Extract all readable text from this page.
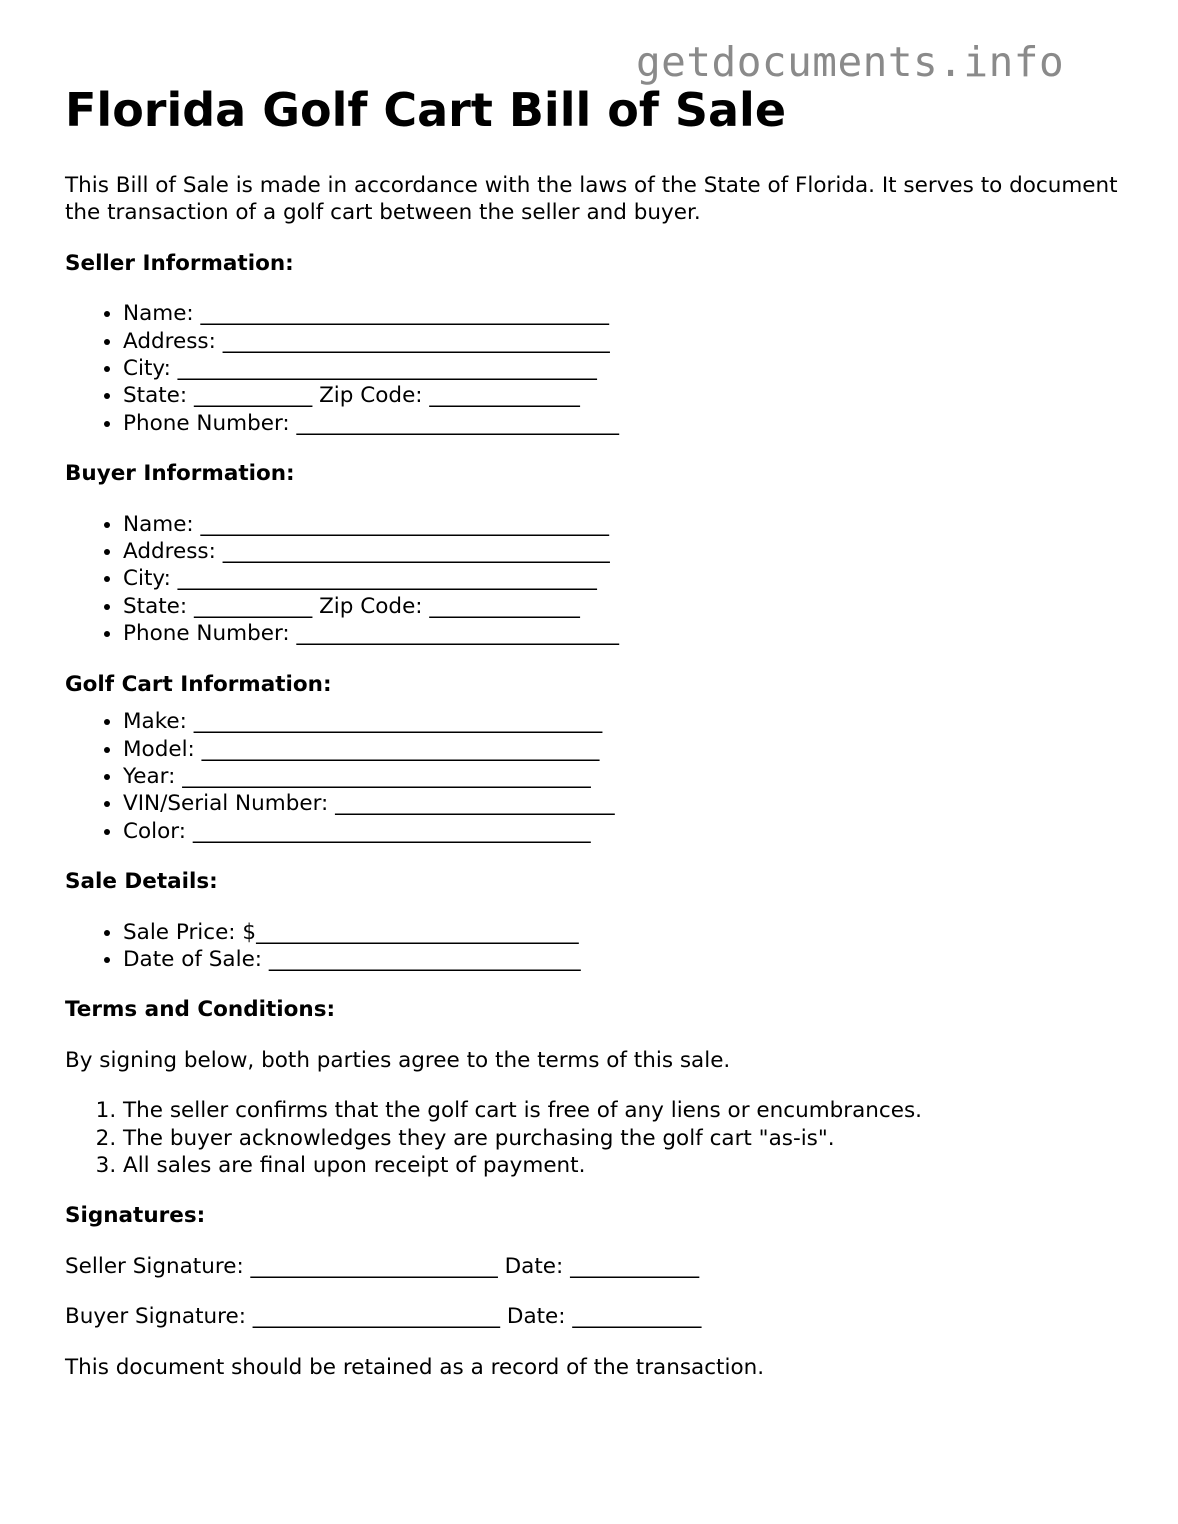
getdocuments.info
Florida Golf Cart Bill of Sale

This Bill of Sale is made in accordance with the laws of the State of Florida. It serves to document the transaction of a golf cart between the seller and buyer.

Seller Information:
• Name: ______________________________________
• Address: ____________________________________
• City: _______________________________________
• State: ___________ Zip Code: ______________
• Phone Number: ______________________________
Buyer Information:
• Name: ______________________________________
• Address: ____________________________________
• City: _______________________________________
• State: ___________ Zip Code: ______________
• Phone Number: ______________________________
Golf Cart Information:
• Make: ______________________________________
• Model: _____________________________________
• Year: ______________________________________
• VIN/Serial Number: __________________________
• Color: _____________________________________
Sale Details:
• Sale Price: $______________________________
• Date of Sale: _____________________________
Terms and Conditions:

By signing below, both parties agree to the terms of this sale.

1. The seller confirms that the golf cart is free of any liens or encumbrances.
2. The buyer acknowledges they are purchasing the golf cart "as-is".
3. All sales are final upon receipt of payment.
Signatures:

Seller Signature: _______________________ Date: ____________

Buyer Signature: _______________________ Date: ____________

This document should be retained as a record of the transaction.
